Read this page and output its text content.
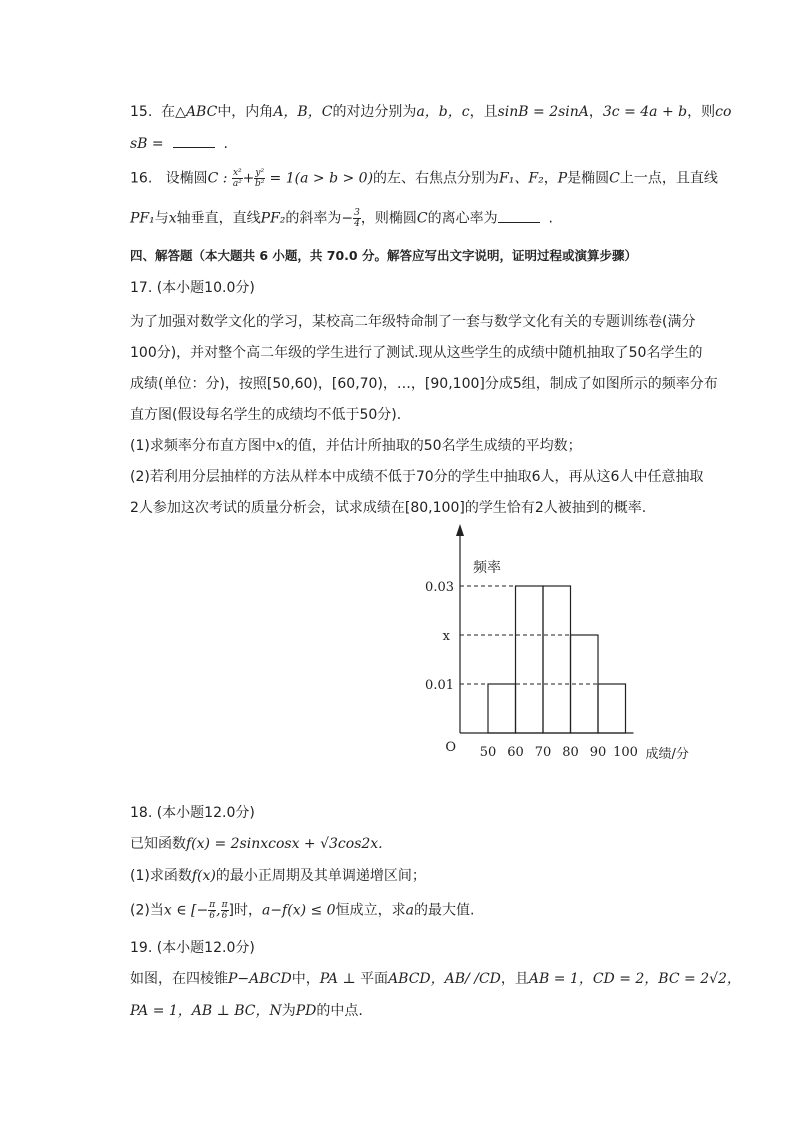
15. 在△ABC中，内角A，B，C的对边分别为a，b，c，且sinB = 2sinA，3c = 4a + b，则co
sB =	.
16. 设椭圆C : $\frac{\text{x²}}{\text{a²}} + \frac{\text{y²}}{\text{b²}} = 1(a > b > 0)$的左、右焦点分别为F₁、F₂，P是椭圆C上一点，且直线
PF₁与x轴垂直，直线PF₂的斜率为− $\frac{3}{4}$ ，则椭圆C的离心率为	.
四、解答题（本大题共 6 小题，共 70.0 分。解答应写出文字说明，证明过程或演算步骤）
17. (本小题10.0分)
为了加强对数学文化的学习，某校高二年级特命制了一套与数学文化有关的专题训练卷(满分
100分)，并对整个高二年级的学生进行了测试.现从这些学生的成绩中随机抽取了50名学生的
成绩(单位：分)，按照[50,60)，[60,70)，…，[90,100]分成5组，制成了如图所示的频率分布
直方图(假设每名学生的成绩均不低于50分).
(1)求频率分布直方图中x的值，并估计所抽取的50名学生成绩的平均数；
(2)若利用分层抽样的方法从样本中成绩不低于70分的学生中抽取6人，再从这6人中任意抽取
2人参加这次考试的质量分析会，试求成绩在[80,100]的学生恰有2人被抽到的概率.
0.01
x
0.03
50 60 70 80 90 100
O
频率
成绩/分
18. (本小题12.0分)
已知函数f(x) = 2sinxcosx + √3cos2x.
(1)求函数f(x)的最小正周期及其单调递增区间；
(2)当x ∈ [− $\frac{\pi}{6}$ , $\frac{\pi}{6}$ ]时，a−f(x) ≤ 0恒成立，求a的最大值.
19. (本小题12.0分)
如图，在四棱锥P−ABCD中，PA ⊥ 平面ABCD，AB/ /CD，且AB = 1，CD = 2，BC = 2√2，
PA = 1，AB ⊥ BC，N为PD的中点.
